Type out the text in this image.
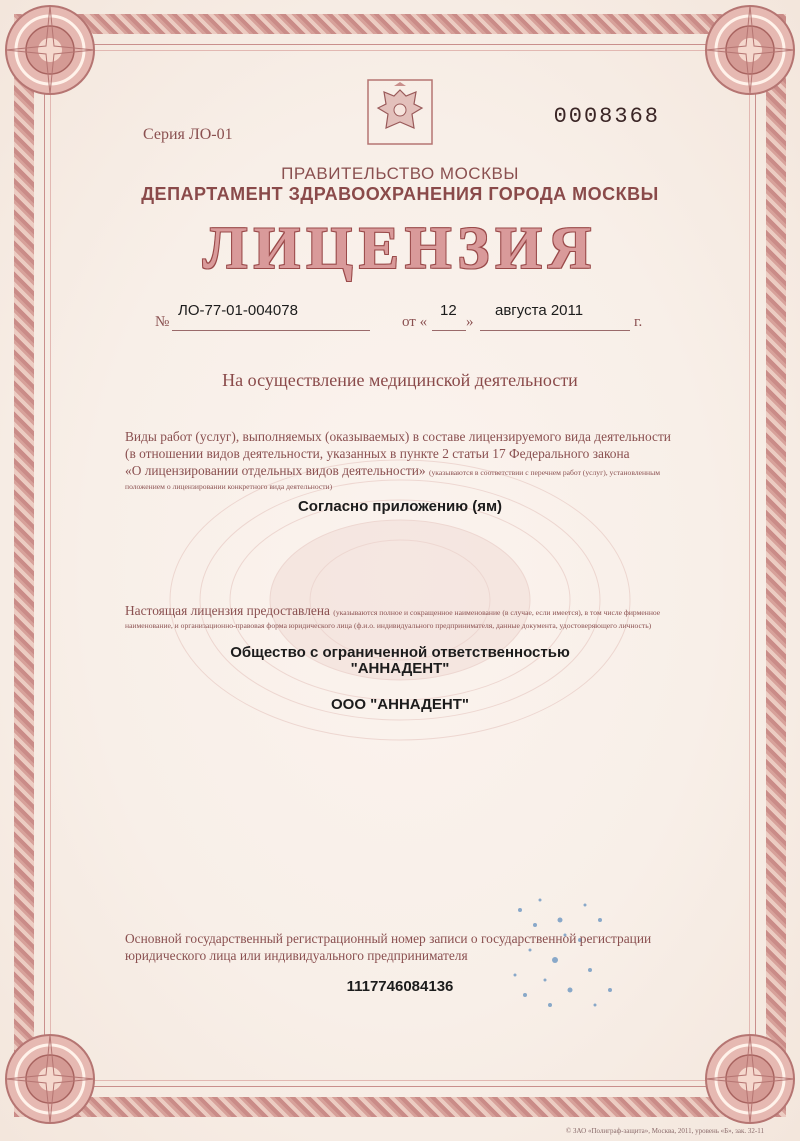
0008368
Серия ЛО-01
ПРАВИТЕЛЬСТВО МОСКВЫ
ДЕПАРТАМЕНТ ЗДРАВООХРАНЕНИЯ ГОРОДА МОСКВЫ
ЛИЦЕНЗИЯ
№
ЛО-77-01-004078
от «
12
»
августа 2011
г.
На осуществление медицинской деятельности
Виды работ (услуг), выполняемых (оказываемых) в составе лицензируемого вида деятельности
(в отношении видов деятельности, указанных в пункте 2 статьи 17 Федерального закона
«О лицензировании отдельных видов деятельности» (указываются в соответствии с перечнем работ (услуг), установленным
положением о лицензировании конкретного вида деятельности)
Согласно приложению (ям)
Настоящая лицензия предоставлена (указываются полное и сокращенное наименование (в случае, если имеется), в том числе фирменное
наименование, и организационно-правовая форма юридического лица (ф.и.о. индивидуального предпринимателя, данные документа, удостоверяющего личность)
Общество с ограниченной ответственностью
"АННАДЕНТ"
ООО "АННАДЕНТ"
Основной государственный регистрационный номер записи о государственной регистрации
юридического лица или индивидуального предпринимателя
1117746084136
© ЗАО «Полиграф-защита», Москва, 2011, уровень «Б», зак. 32-11
